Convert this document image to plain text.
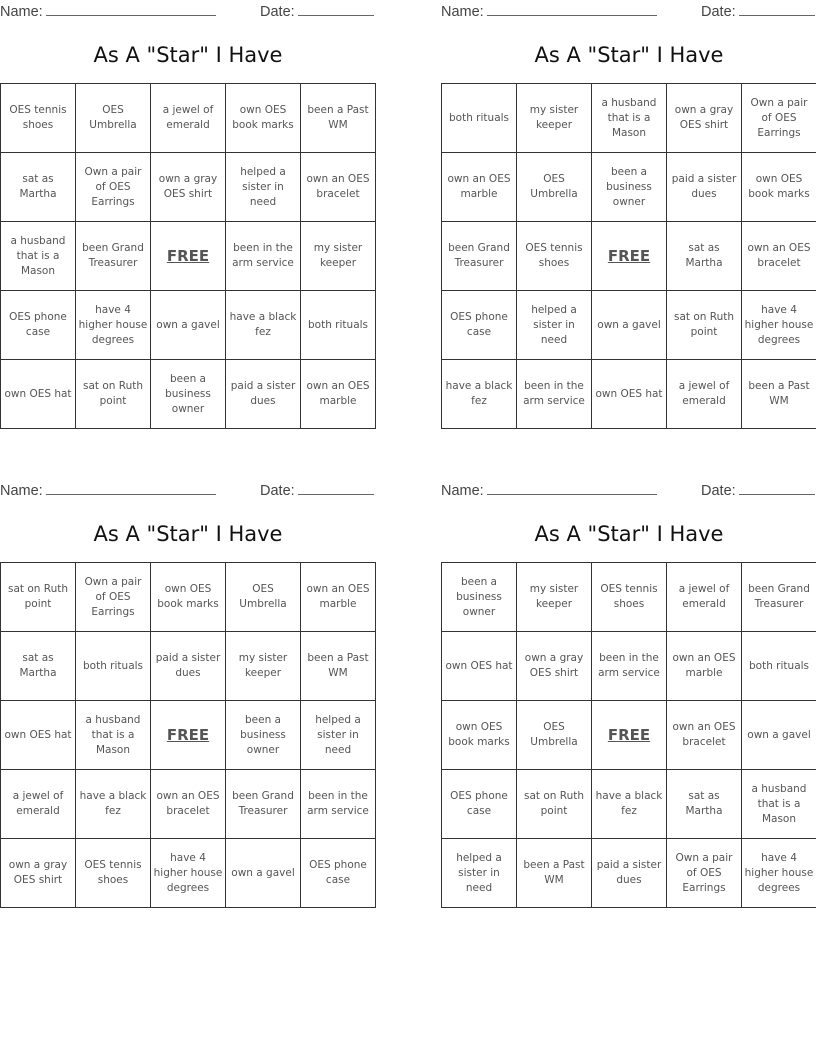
Name:	Date:
As A "Star" I Have
OES tennis shoes	OES Umbrella	a jewel of emerald	own OES book marks	been a Past WM
sat as Martha	Own a pair of OES Earrings	own a gray OES shirt	helped a sister in need	own an OES bracelet
a husband that is a Mason	been Grand Treasurer	FREE	been in the arm service	my sister keeper
OES phone case	have 4 higher house degrees	own a gavel	have a black fez	both rituals
own OES hat	sat on Ruth point	been a business owner	paid a sister dues	own an OES marble
Name:	Date:
As A "Star" I Have
both rituals	my sister keeper	a husband that is a Mason	own a gray OES shirt	Own a pair of OES Earrings
own an OES marble	OES Umbrella	been a business owner	paid a sister dues	own OES book marks
been Grand Treasurer	OES tennis shoes	FREE	sat as Martha	own an OES bracelet
OES phone case	helped a sister in need	own a gavel	sat on Ruth point	have 4 higher house degrees
have a black fez	been in the arm service	own OES hat	a jewel of emerald	been a Past WM
Name:	Date:
As A "Star" I Have
sat on Ruth point	Own a pair of OES Earrings	own OES book marks	OES Umbrella	own an OES marble
sat as Martha	both rituals	paid a sister dues	my sister keeper	been a Past WM
own OES hat	a husband that is a Mason	FREE	been a business owner	helped a sister in need
a jewel of emerald	have a black fez	own an OES bracelet	been Grand Treasurer	been in the arm service
own a gray OES shirt	OES tennis shoes	have 4 higher house degrees	own a gavel	OES phone case
Name:	Date:
As A "Star" I Have
been a business owner	my sister keeper	OES tennis shoes	a jewel of emerald	been Grand Treasurer
own OES hat	own a gray OES shirt	been in the arm service	own an OES marble	both rituals
own OES book marks	OES Umbrella	FREE	own an OES bracelet	own a gavel
OES phone case	sat on Ruth point	have a black fez	sat as Martha	a husband that is a Mason
helped a sister in need	been a Past WM	paid a sister dues	Own a pair of OES Earrings	have 4 higher house degrees
